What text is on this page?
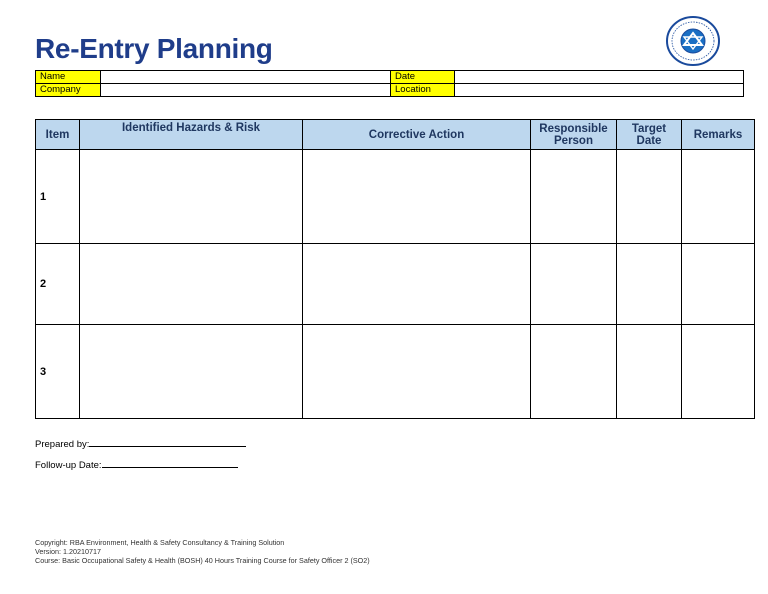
Re-Entry Planning
Name		Date	
Company		Location	
Item	Identified Hazards & Risk	Corrective Action	Responsible Person	Target Date	Remarks
1					
2					
3					
Prepared by:
Follow-up Date:
Copyright: RBA Environment, Health & Safety Consultancy & Training Solution
Version: 1.20210717
Course: Basic Occupational Safety & Health (BOSH) 40 Hours Training Course for Safety Officer 2 (SO2)
